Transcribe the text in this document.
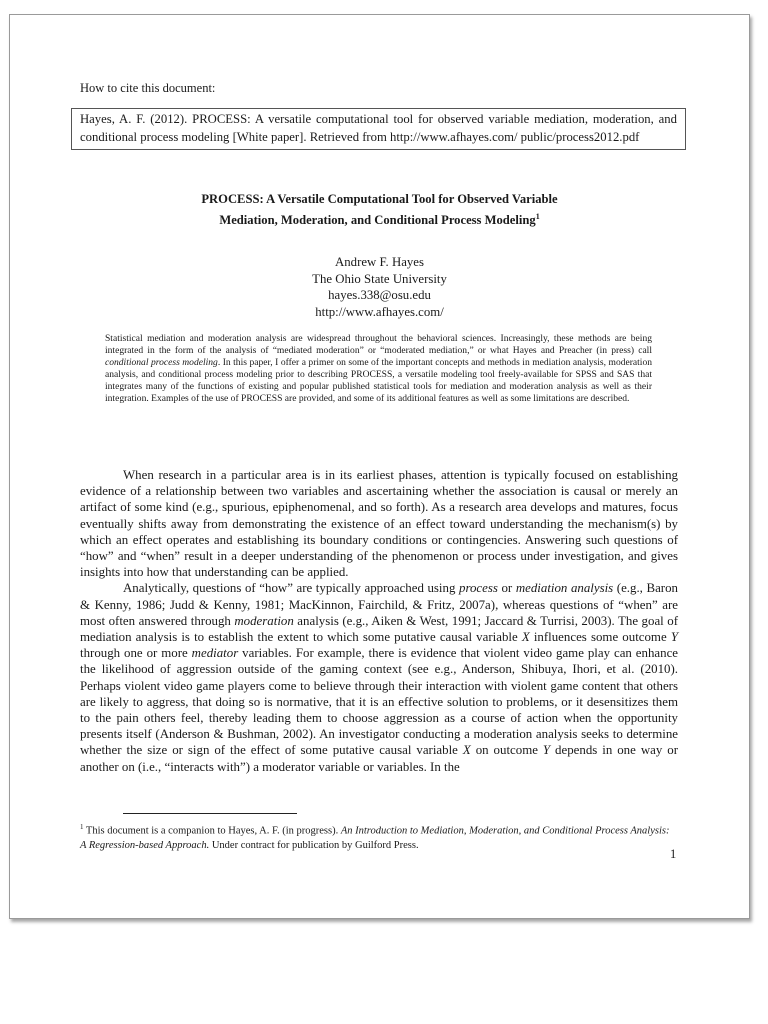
How to cite this document:
Hayes, A. F. (2012). PROCESS: A versatile computational tool for observed variable mediation, moderation, and conditional process modeling [White paper]. Retrieved from http://www.afhayes.com/ public/process2012.pdf
PROCESS: A Versatile Computational Tool for Observed Variable
Mediation, Moderation, and Conditional Process Modeling$^1$
Andrew F. Hayes
The Ohio State University
hayes.338@osu.edu
http://www.afhayes.com/
Statistical mediation and moderation analysis are widespread throughout the behavioral sciences. Increasingly, these methods are being integrated in the form of the analysis of “mediated moderation” or “moderated mediation,” or what Hayes and Preacher (in press) call conditional process modeling. In this paper, I offer a primer on some of the important concepts and methods in mediation analysis, moderation analysis, and conditional process modeling prior to describing PROCESS, a versatile modeling tool freely-available for SPSS and SAS that integrates many of the functions of existing and popular published statistical tools for mediation and moderation analysis as well as their integration. Examples of the use of PROCESS are provided, and some of its additional features as well as some limitations are described.

When research in a particular area is in its earliest phases, attention is typically focused on establishing evidence of a relationship between two variables and ascertaining whether the association is causal or merely an artifact of some kind (e.g., spurious, epiphenomenal, and so forth). As a research area develops and matures, focus eventually shifts away from demonstrating the existence of an effect toward understanding the mechanism(s) by which an effect operates and establishing its boundary conditions or contingencies. Answering such questions of “how” and “when” result in a deeper understanding of the phenomenon or process under investigation, and gives insights into how that understanding can be applied.

Analytically, questions of “how” are typically approached using process or mediation analysis (e.g., Baron & Kenny, 1986; Judd & Kenny, 1981; MacKinnon, Fairchild, & Fritz, 2007a), whereas questions of “when” are most often answered through moderation analysis (e.g., Aiken & West, 1991; Jaccard & Turrisi, 2003). The goal of mediation analysis is to establish the extent to which some putative causal variable X influences some outcome Y through one or more mediator variables. For example, there is evidence that violent video game play can enhance the likelihood of aggression outside of the gaming context (see e.g., Anderson, Shibuya, Ihori, et al. (2010). Perhaps violent video game players come to believe through their interaction with violent game content that others are likely to aggress, that doing so is normative, that it is an effective solution to problems, or it desensitizes them to the pain others feel, thereby leading them to choose aggression as a course of action when the opportunity presents itself (Anderson & Bushman, 2002). An investigator conducting a moderation analysis seeks to determine whether the size or sign of the effect of some putative causal variable X on outcome Y depends in one way or another on (i.e., “interacts with”) a moderator variable or variables. In the

$^1$ This document is a companion to Hayes, A. F. (in progress). An Introduction to Mediation, Moderation, and Conditional Process Analysis: A Regression-based Approach. Under contract for publication by Guilford Press.
1
